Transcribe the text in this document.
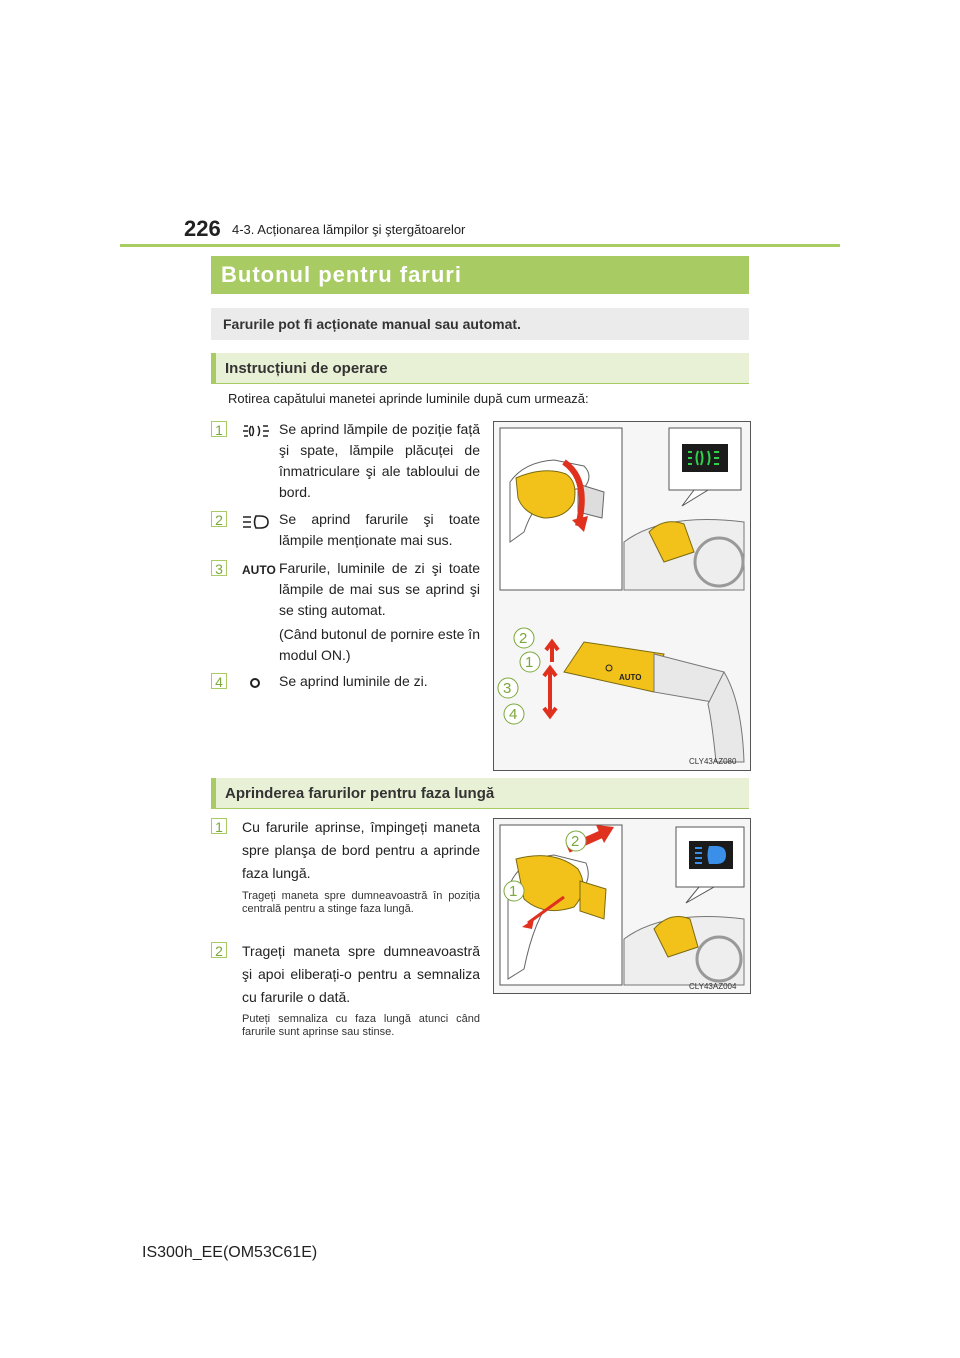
226 4-3. Acționarea lămpilor şi ştergătoarelor
Butonul pentru faruri
Farurile pot fi acționate manual sau automat.
Instrucțiuni de operare
Rotirea capătului manetei aprinde luminile după cum urmează:
1	Se aprind lămpile de poziție față şi spate, lămpile plăcuței de înmatriculare şi ale tabloului de bord.
2	Se aprind farurile şi toate lămpile menționate mai sus.
3	AUTO Farurile, luminile de zi şi toate lămpile de mai sus se aprind şi se sting automat.
(Când butonul de pornire este în modul ON.)
4	Se aprind luminile de zi.	AUTO
2
1
3
4
CLY43AZ080
Aprinderea farurilor pentru faza lungă
1 Cu farurile aprinse, împingeți maneta spre planşa de bord pentru a aprinde faza lungă.
Trageți maneta spre dumneavoastră în poziția centrală pentru a stinge faza lungă.
2 Trageți maneta spre dumneavoastră şi apoi eliberați-o pentru a semnaliza cu farurile o dată.
Puteți semnaliza cu faza lungă atunci când farurile sunt aprinse sau stinse.
2
1
CLY43AZ004
IS300h_EE(OM53C61E)
